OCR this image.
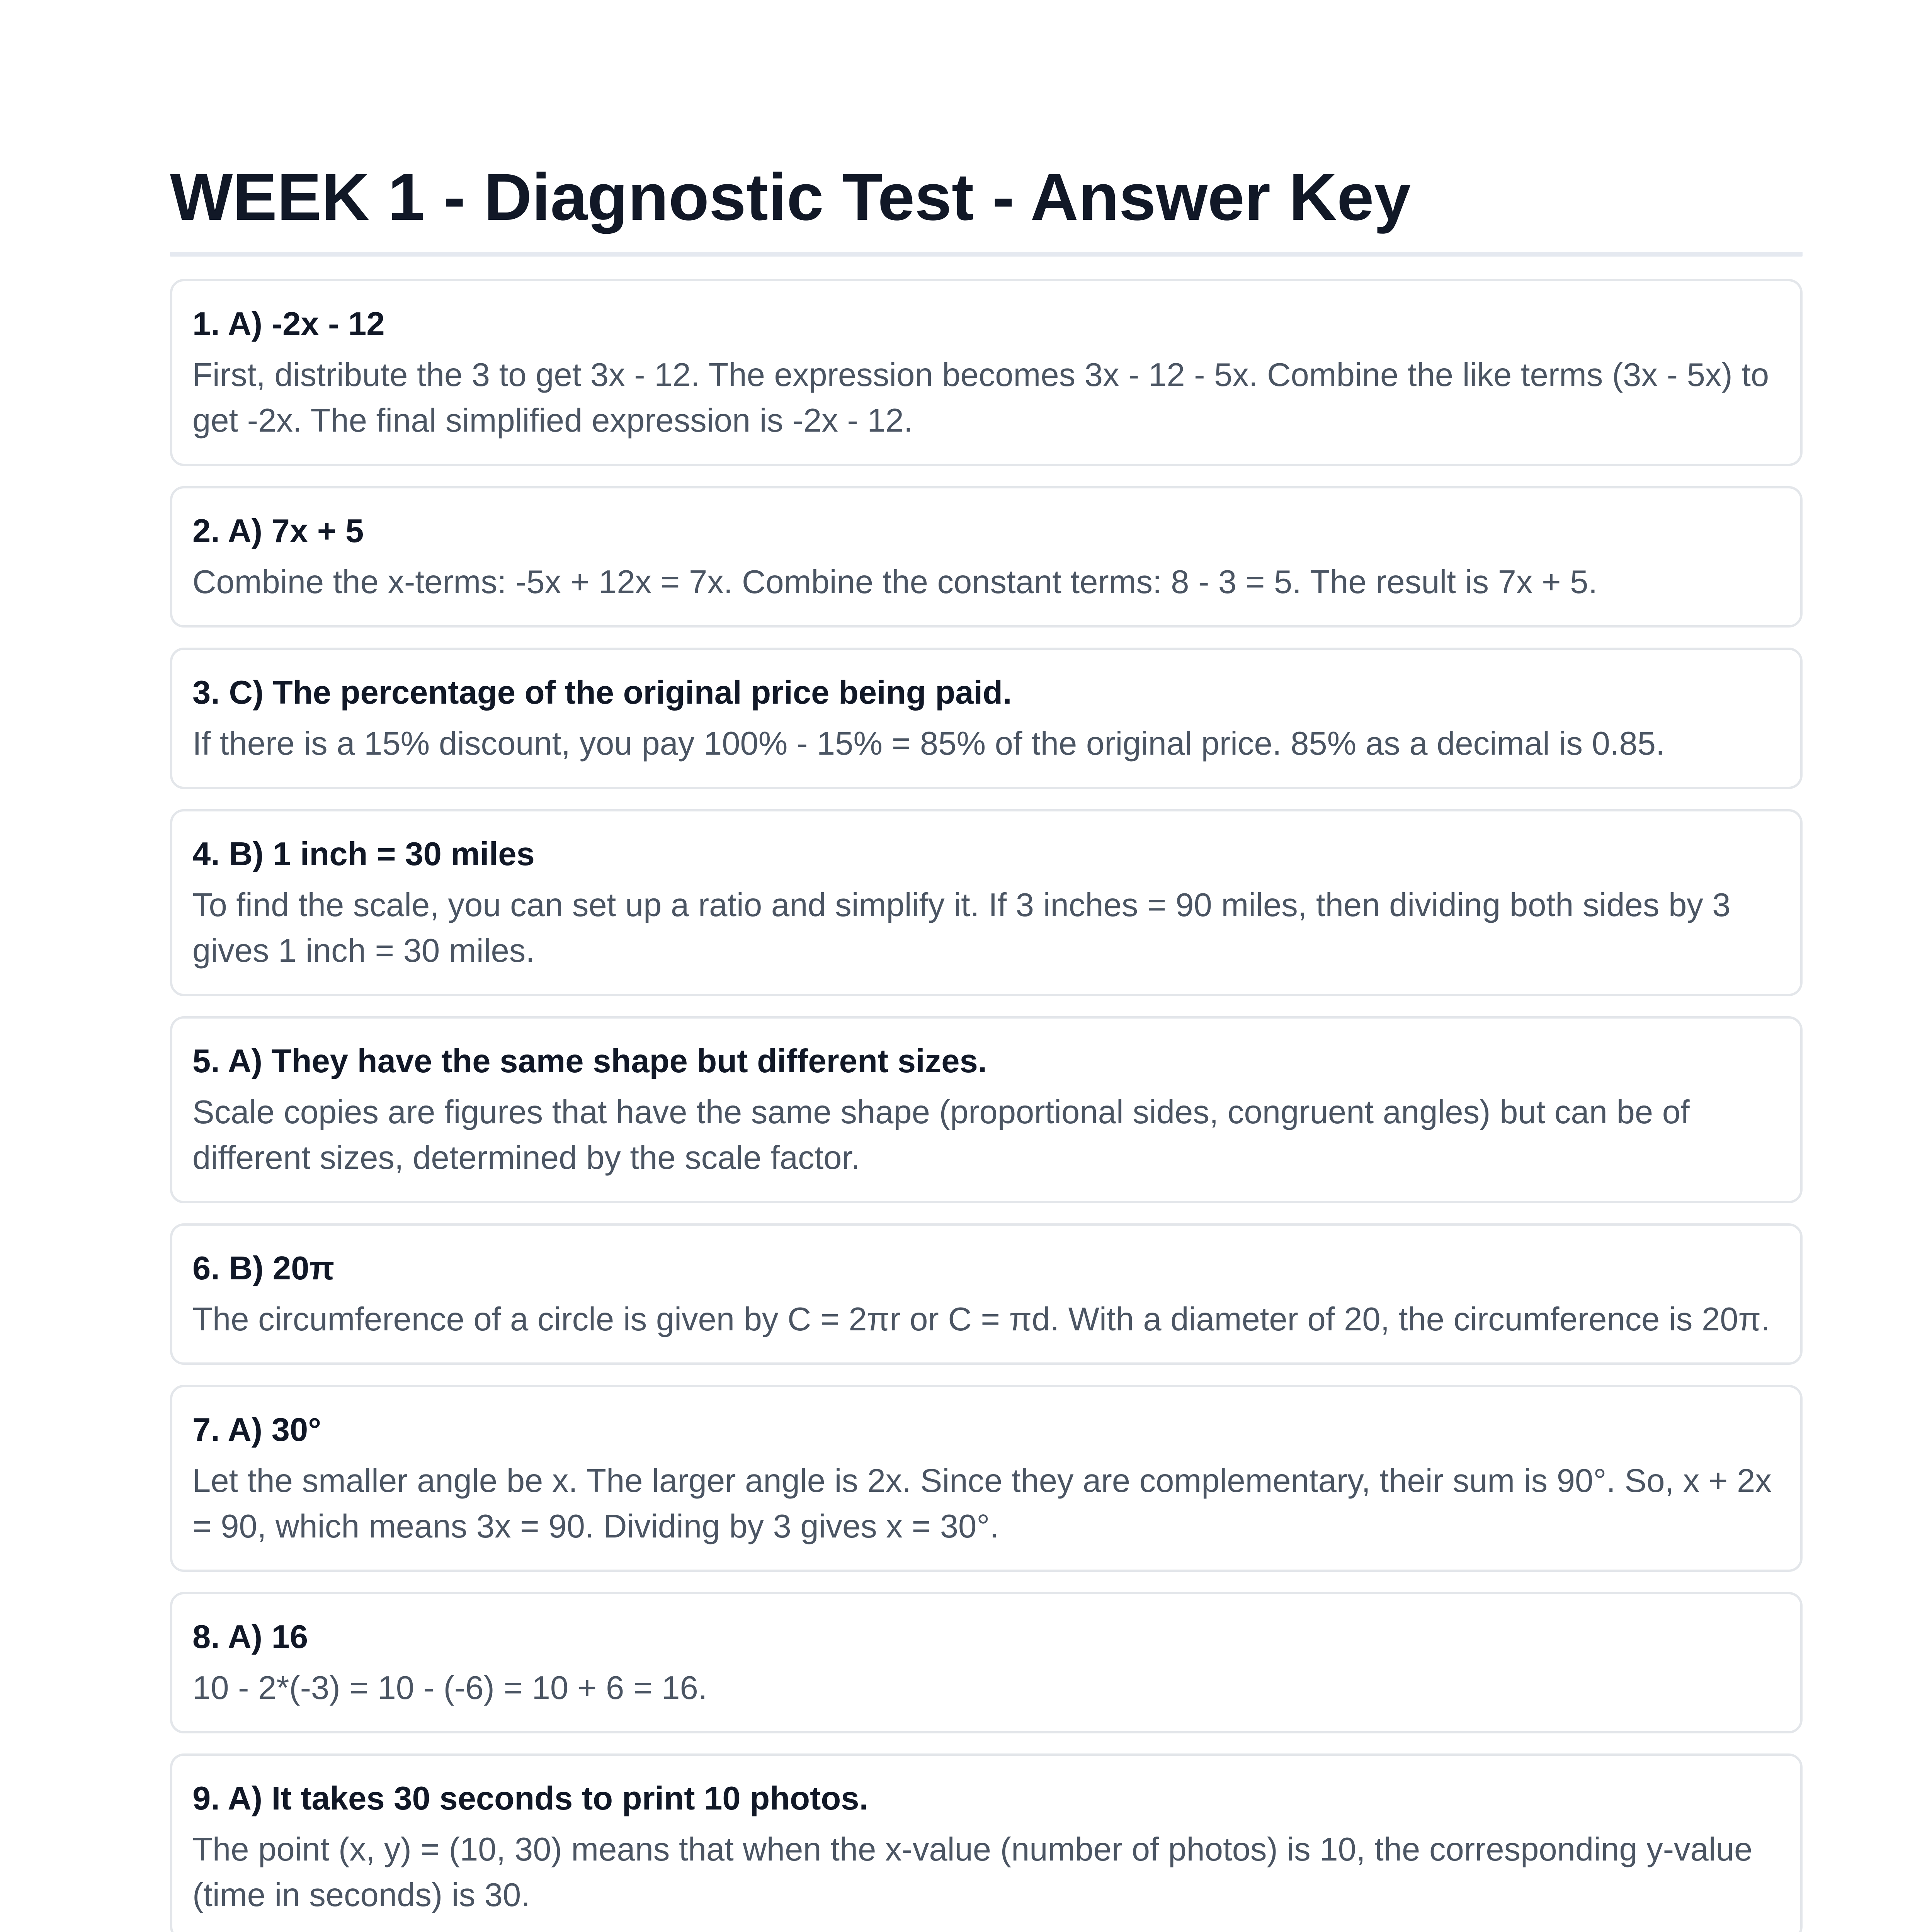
WEEK 1 - Diagnostic Test - Answer Key
1. A) -2x - 12

First, distribute the 3 to get 3x - 12. The expression becomes 3x - 12 - 5x. Combine the like terms (3x - 5x) to get -2x. The final simplified expression is -2x - 12.

2. A) 7x + 5

Combine the x-terms: -5x + 12x = 7x. Combine the constant terms: 8 - 3 = 5. The result is 7x + 5.

3. C) The percentage of the original price being paid.

If there is a 15% discount, you pay 100% - 15% = 85% of the original price. 85% as a decimal is 0.85.

4. B) 1 inch = 30 miles

To find the scale, you can set up a ratio and simplify it. If 3 inches = 90 miles, then dividing both sides by 3 gives 1 inch = 30 miles.

5. A) They have the same shape but different sizes.

Scale copies are figures that have the same shape (proportional sides, congruent angles) but can be of different sizes, determined by the scale factor.

6. B) 20π

The circumference of a circle is given by C = 2πr or C = πd. With a diameter of 20, the circumference is 20π.

7. A) 30°

Let the smaller angle be x. The larger angle is 2x. Since they are complementary, their sum is 90°. So, x + 2x = 90, which means 3x = 90. Dividing by 3 gives x = 30°.

8. A) 16

10 - 2*(-3) = 10 - (-6) = 10 + 6 = 16.

9. A) It takes 30 seconds to print 10 photos.

The point (x, y) = (10, 30) means that when the x-value (number of photos) is 10, the corresponding y-value (time in seconds) is 30.
